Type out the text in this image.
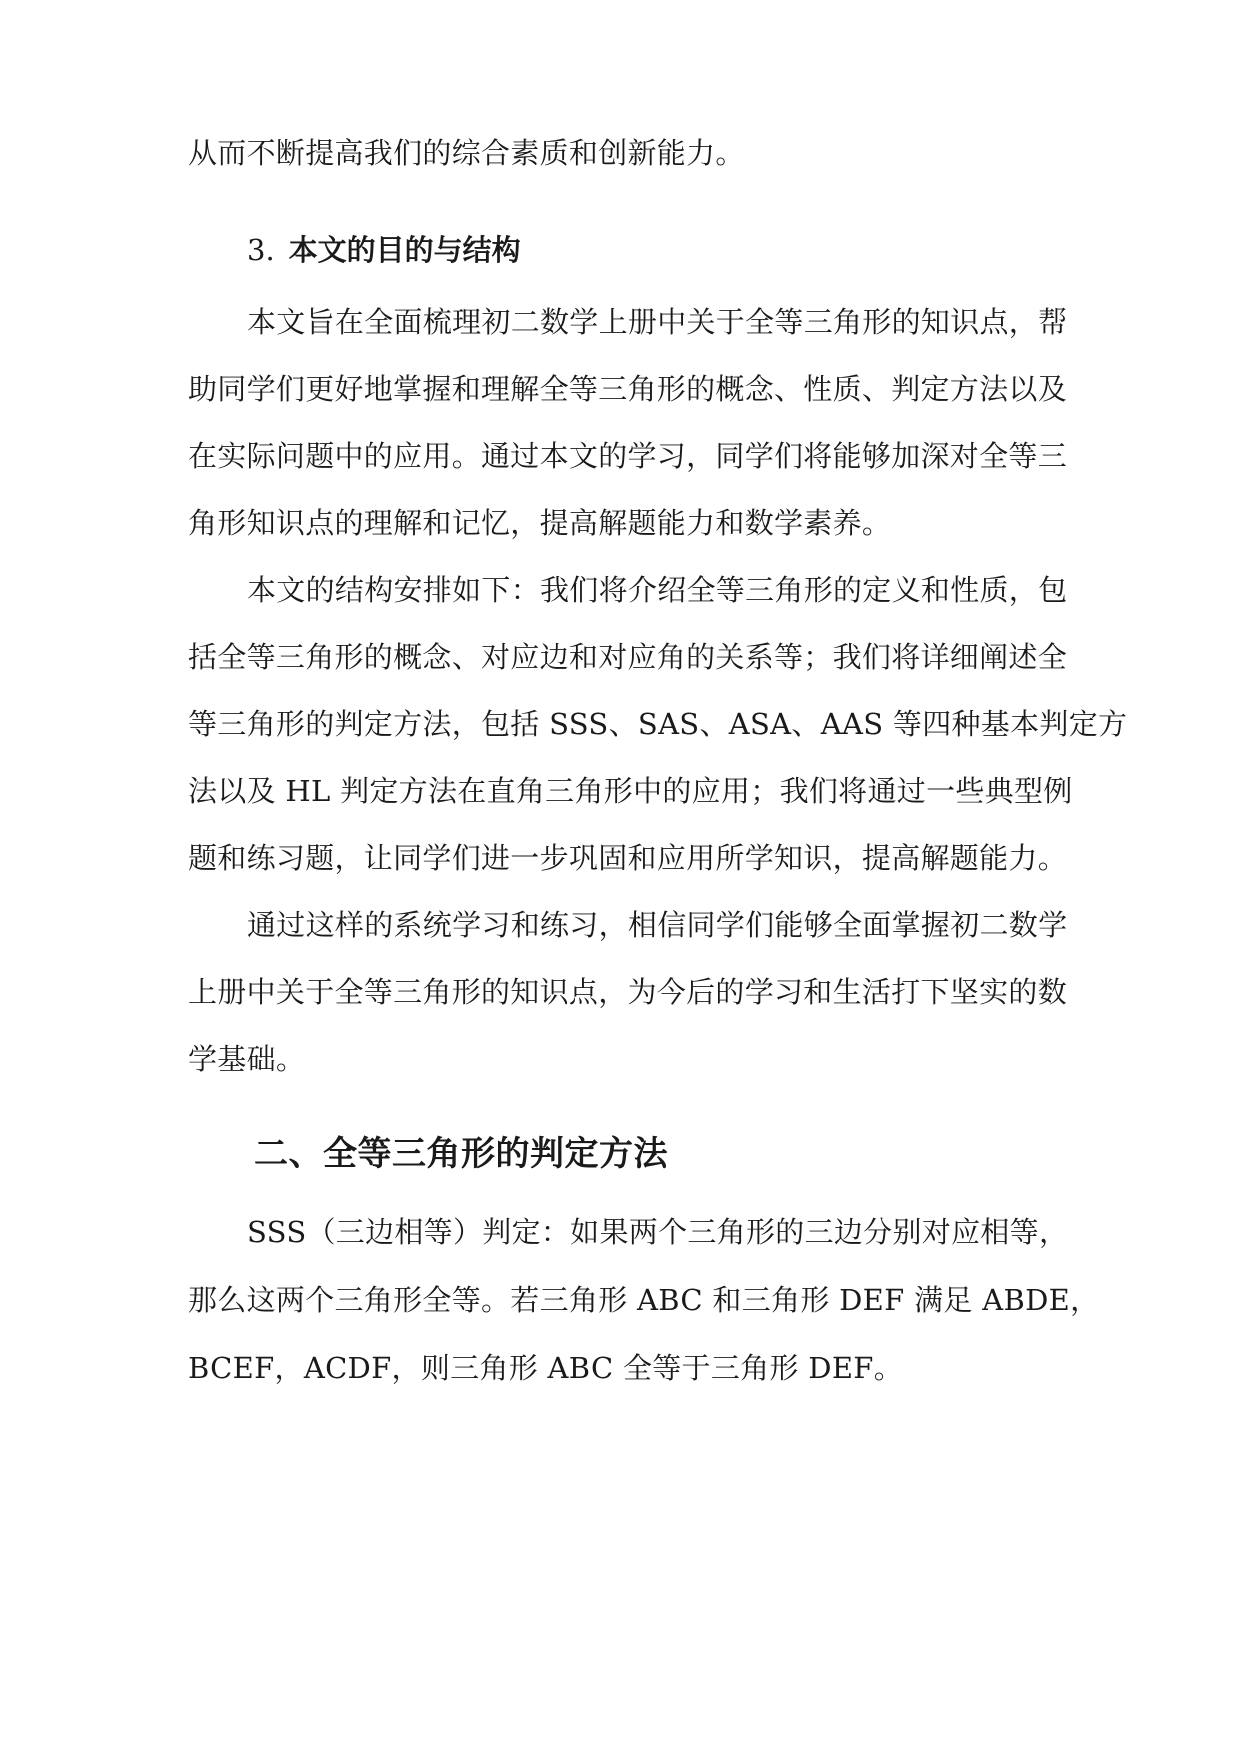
从而不断提高我们的综合素质和创新能力。
3. 本文的目的与结构
本文旨在全面梳理初二数学上册中关于全等三角形的知识点，帮
助同学们更好地掌握和理解全等三角形的概念、性质、判定方法以及
在实际问题中的应用。通过本文的学习，同学们将能够加深对全等三
角形知识点的理解和记忆，提高解题能力和数学素养。
本文的结构安排如下：我们将介绍全等三角形的定义和性质，包
括全等三角形的概念、对应边和对应角的关系等；我们将详细阐述全
等三角形的判定方法，包括 SSS、SAS、ASA、AAS 等四种基本判定方
法以及 HL 判定方法在直角三角形中的应用；我们将通过一些典型例
题和练习题，让同学们进一步巩固和应用所学知识，提高解题能力。
通过这样的系统学习和练习，相信同学们能够全面掌握初二数学
上册中关于全等三角形的知识点，为今后的学习和生活打下坚实的数
学基础。
二、全等三角形的判定方法
SSS（三边相等）判定：如果两个三角形的三边分别对应相等，
那么这两个三角形全等。若三角形 ABC 和三角形 DEF 满足 ABDE，
BCEF，ACDF，则三角形 ABC 全等于三角形 DEF。
